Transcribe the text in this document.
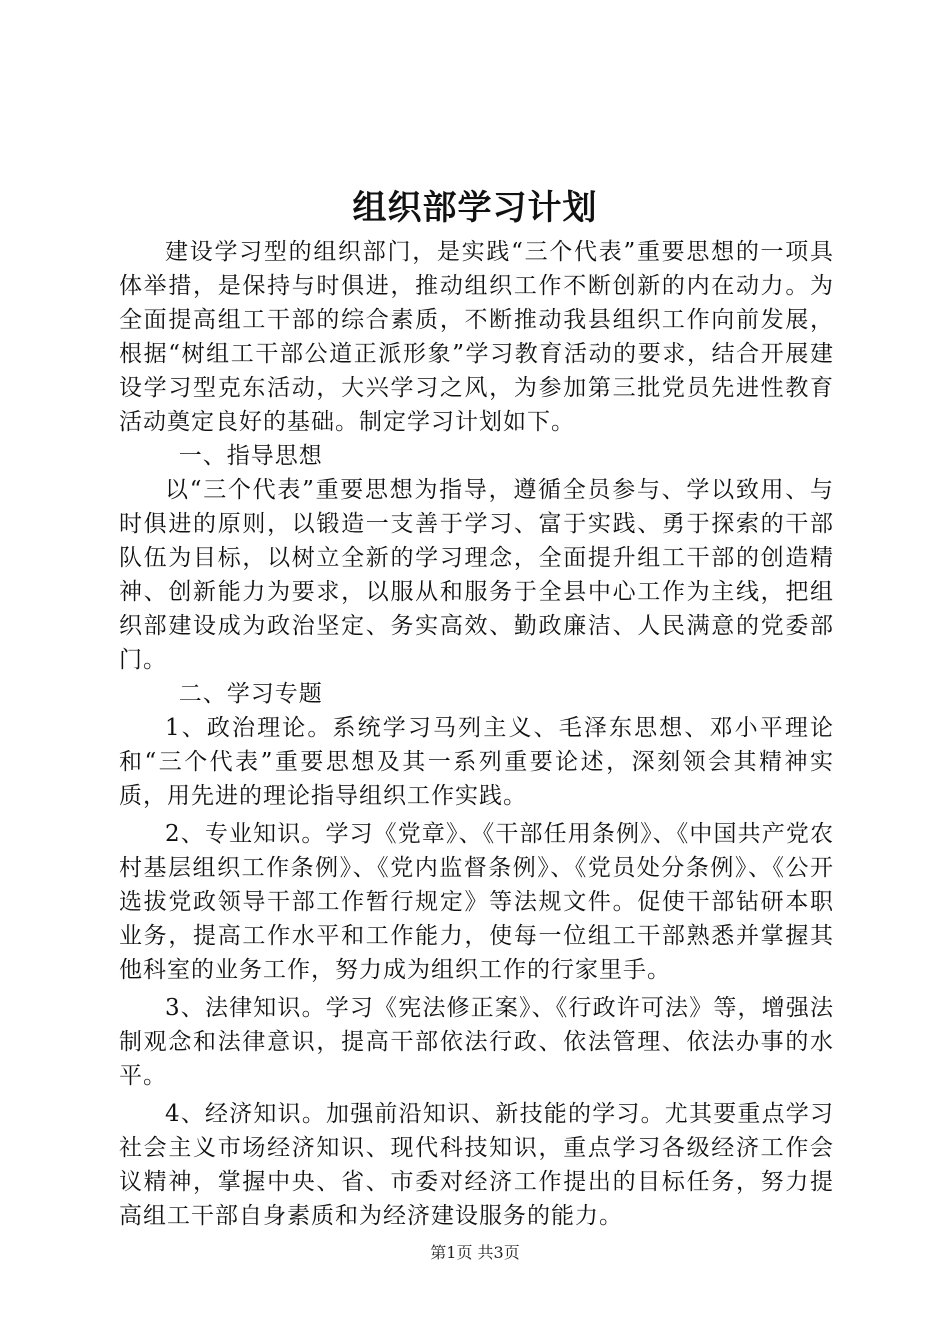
组织部学习计划

建设学习型的组织部门，是实践“三个代表”重要思想的一项具体举措，是保持与时俱进，推动组织工作不断创新的内在动力。为全面提高组工干部的综合素质，不断推动我县组织工作向前发展，根据“树组工干部公道正派形象”学习教育活动的要求，结合开展建设学习型克东活动，大兴学习之风，为参加第三批党员先进性教育活动奠定良好的基础。制定学习计划如下。

一、指导思想

以“三个代表”重要思想为指导，遵循全员参与、学以致用、与时俱进的原则，以锻造一支善于学习、富于实践、勇于探索的干部队伍为目标，以树立全新的学习理念，全面提升组工干部的创造精神、创新能力为要求，以服从和服务于全县中心工作为主线，把组织部建设成为政治坚定、务实高效、勤政廉洁、人民满意的党委部门。

二、学习专题

1、政治理论。系统学习马列主义、毛泽东思想、邓小平理论和“三个代表”重要思想及其一系列重要论述，深刻领会其精神实质，用先进的理论指导组织工作实践。

2、专业知识。学习《党章》、《干部任用条例》、《中国共产党农村基层组织工作条例》、《党内监督条例》、《党员处分条例》、《公开选拔党政领导干部工作暂行规定》等法规文件。促使干部钻研本职业务，提高工作水平和工作能力，使每一位组工干部熟悉并掌握其他科室的业务工作，努力成为组织工作的行家里手。

3、法律知识。学习《宪法修正案》、《行政许可法》等，增强法制观念和法律意识，提高干部依法行政、依法管理、依法办事的水平。

4、经济知识。加强前沿知识、新技能的学习。尤其要重点学习社会主义市场经济知识、现代科技知识，重点学习各级经济工作会议精神，掌握中央、省、市委对经济工作提出的目标任务，努力提高组工干部自身素质和为经济建设服务的能力。

第1页 共3页
